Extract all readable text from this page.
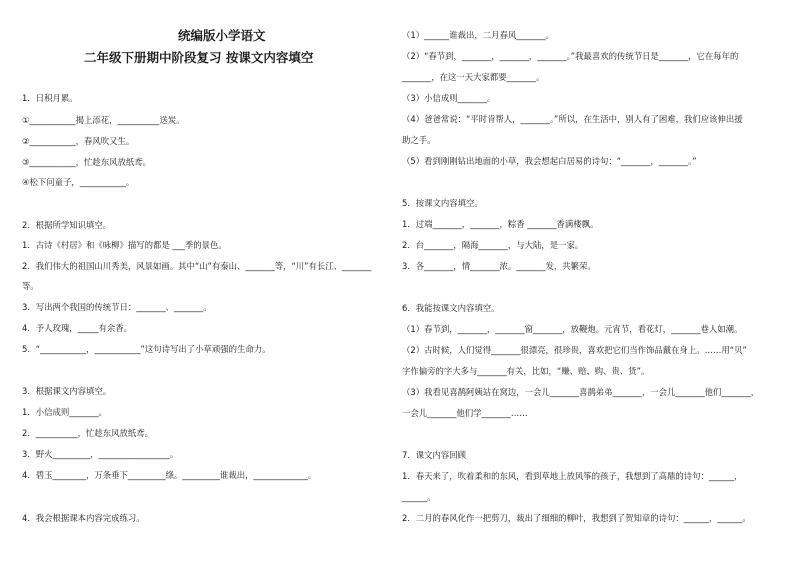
统编版小学语文
二年级下册期中阶段复习 按课文内容填空
1．日积月累。
①___________揭上添花，__________送炭。
②___________，春风吹又生。
③___________，忙趁东风放纸鸢。
④松下问童子，___________。
2．根据所学知识填空。
1．古诗《村居》和《咏柳》描写的都是 ___季的景色。
2．我们伟大的祖国山川秀美，风景如画。其中“山”有泰山、_______等，“川”有长江、_______
等。
3．写出两个我国的传统节日：_______、_______。
4．予人玫瑰，_____有余香。
5．“___________，___________”这句诗写出了小草顽强的生命力。
3．根据课文内容填空。
1．小信成则_______。
2．__________，忙趁东风放纸鸢。
3．野火_________，_________________。
4．碧玉________，万条垂下_________绦。_________谁裁出，_____________。
4．我会根据课本内容完成练习。
（1）______谁裁出，二月春风_______。
（2）“春节到，_______，_______，_______。”我最喜欢的传统节日是_______，它在每年的
_______，在这一天大家都要_______。
（3）小信成则_______。
（4）爸爸常说：“平时肯帮人，_______。”所以，在生活中，别人有了困难，我们应该伸出援
助之手。
（5）看到刚刚钻出地面的小草，我会想起白居易的诗句：“_______，_______。”
5．按课文内容填空。
1．过端_______，_______，粽香 _______香满楼飘。
2．台_______，隔海_______，与大陆，是一家。
3．各_______，情_______浓。_______发，共繁荣。
6．我能按课文内容填空。
（1）春节到，_______，_______窗_______，放鞭炮。元宵节，看花灯，_______巷人如潮。
（2）古时候，人们觉得_______很漂亮，很珍贵，喜欢把它们当作饰品戴在身上。……用“贝”
字作偏旁的字大多与_______有关，比如，“赚、赔、购、贵、货”。
（3）我看见喜鹊阿姨站在窝边，一会儿_______喜鹊弟弟_______，一会儿_______他们_______，
一会儿_______他们学_______……
7．课文内容回顾
1．春天来了，吹着柔和的东风，看到草地上放风筝的孩子，我想到了高鼎的诗句：______，
______。
2．二月的春风化作一把剪刀，裁出了细细的柳叶，我想到了贺知章的诗句：______，______。
